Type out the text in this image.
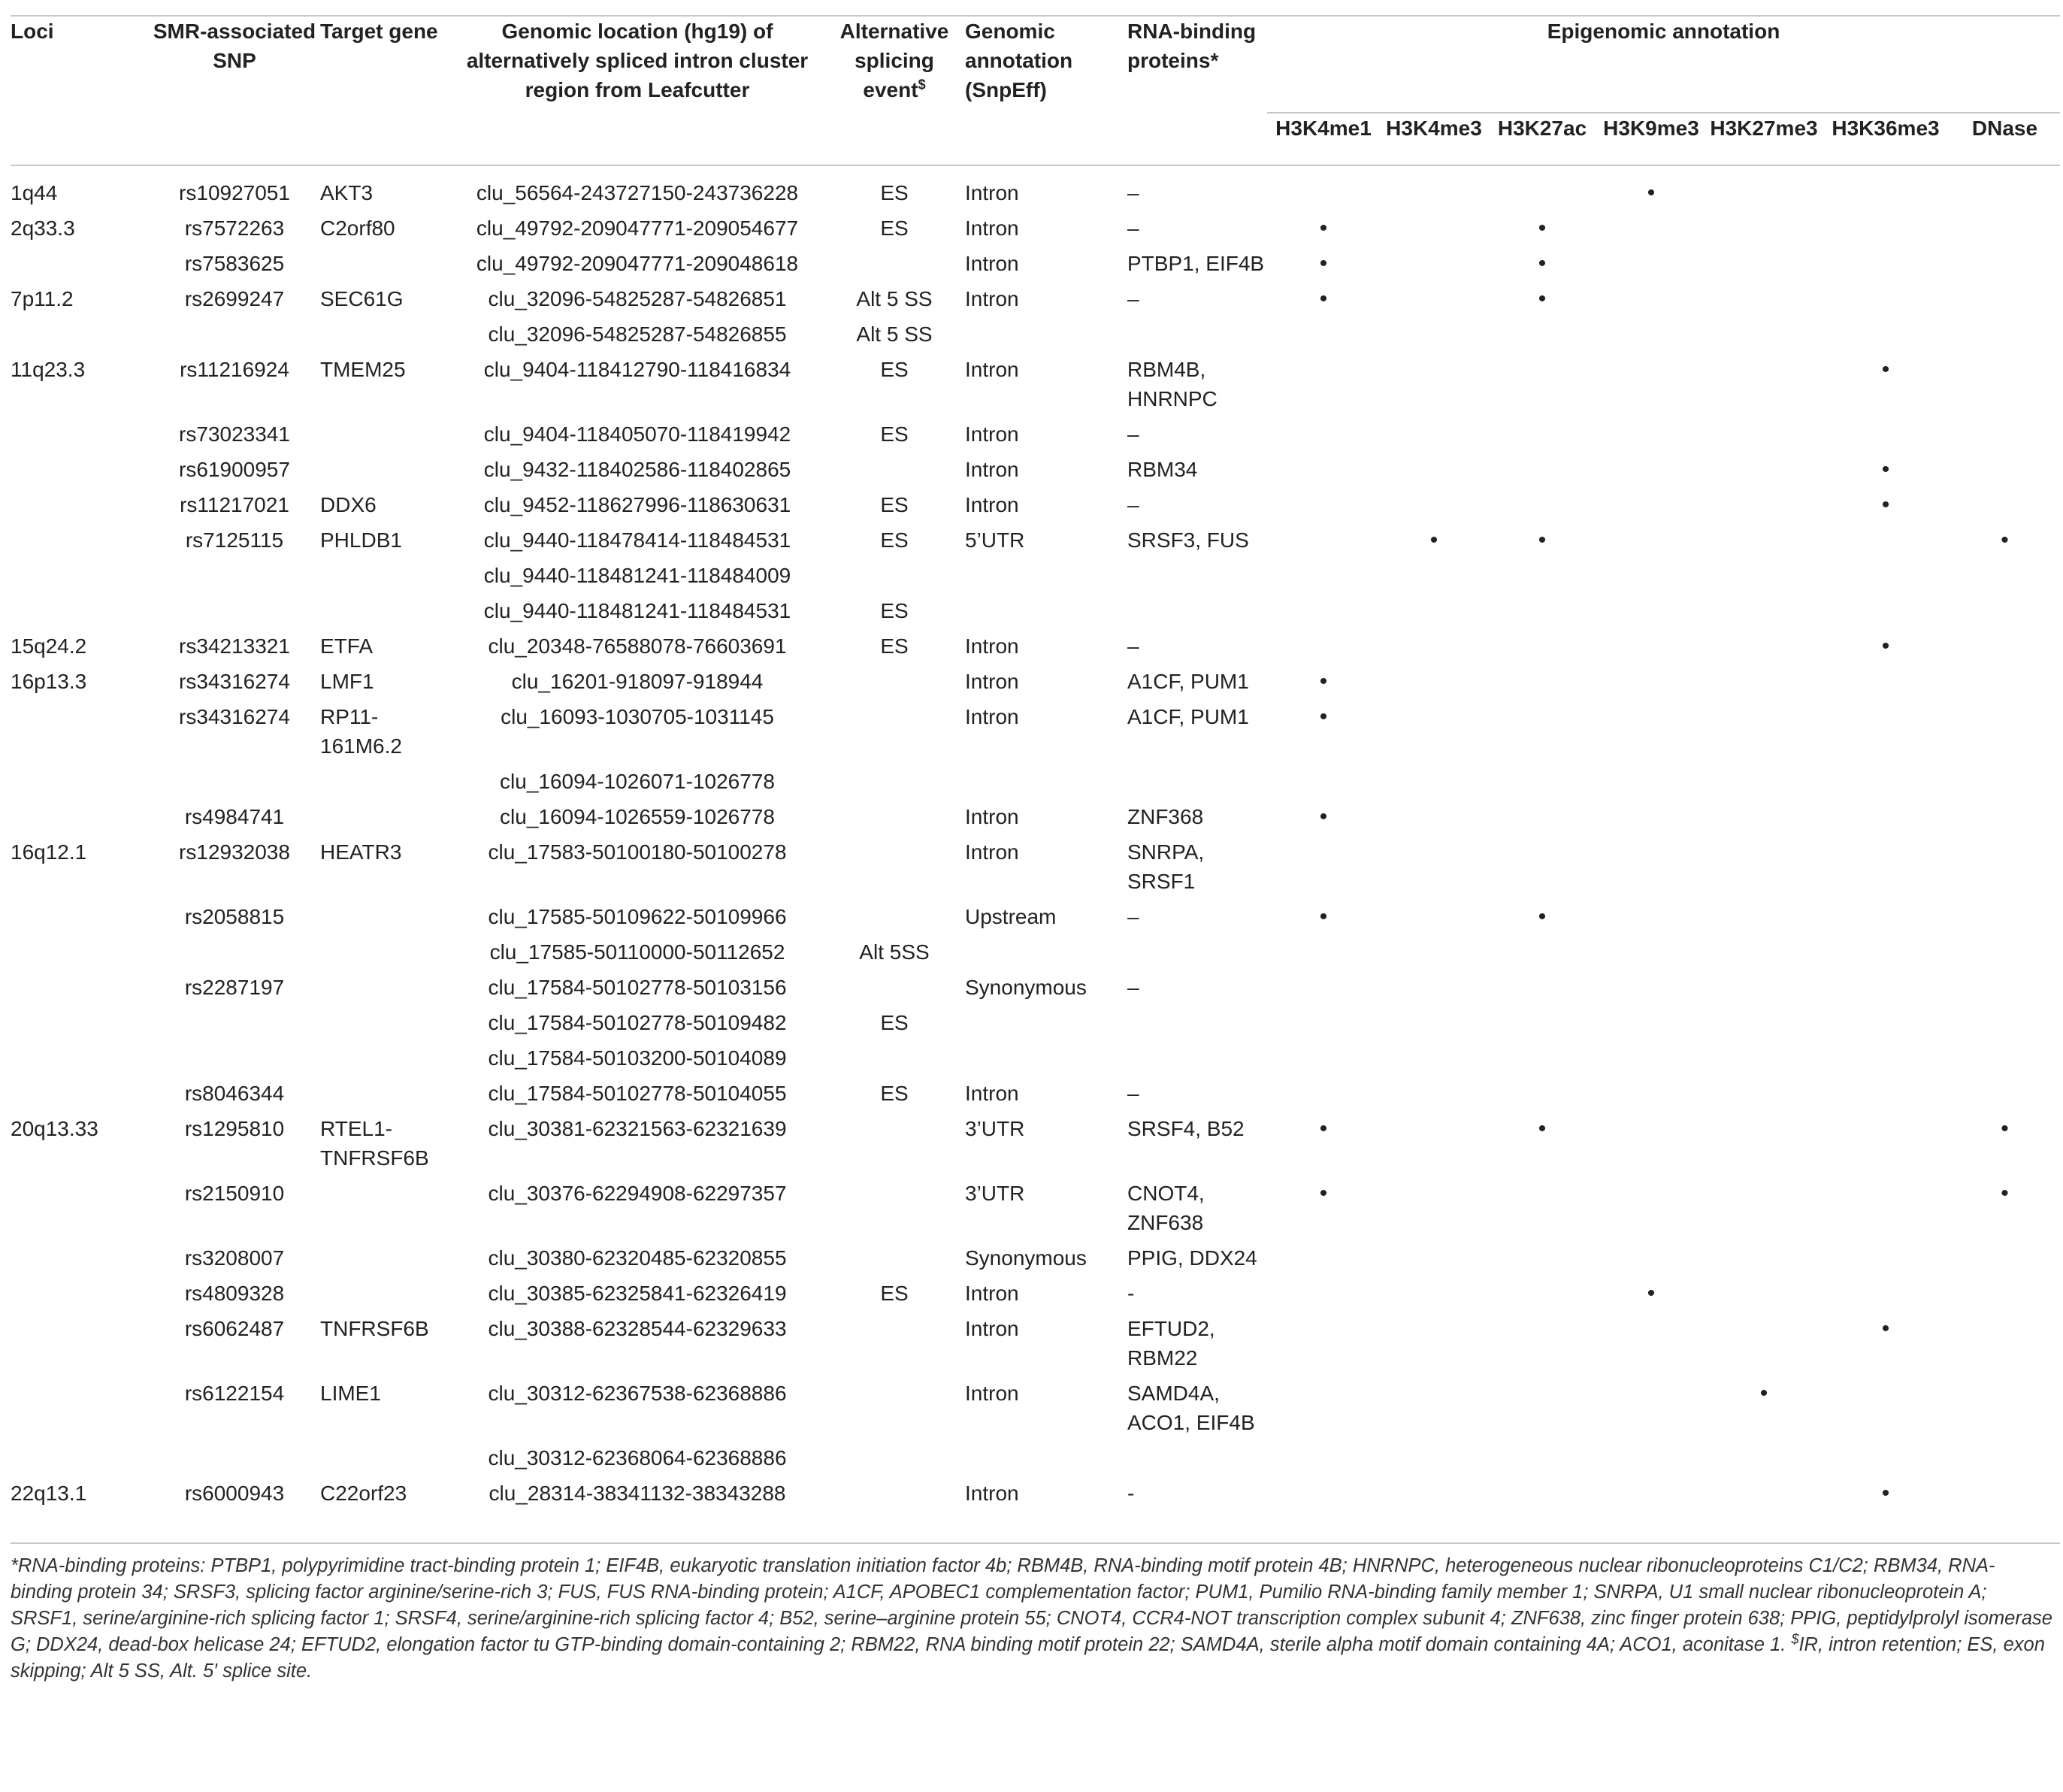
Loci	SMR-associated SNP	Target gene	Genomic location (hg19) of alternatively spliced intron cluster region from Leafcutter	Alternative splicing event$	Genomic annotation (SnpEff)	RNA-binding proteins*	Epigenomic annotation						
							H3K4me1	H3K4me3	H3K27ac	H3K9me3	H3K27me3	H3K36me3	DNase

1q44	rs10927051	AKT3	clu_56564-243727150-243736228	ES	Intron	–				•			
2q33.3	rs7572263	C2orf80	clu_49792-209047771-209054677	ES	Intron	–	•		•				
	rs7583625		clu_49792-209047771-209048618		Intron	PTBP1, EIF4B	•		•				
7p11.2	rs2699247	SEC61G	clu_32096-54825287-54826851	Alt 5 SS	Intron	–	•		•				
			clu_32096-54825287-54826855	Alt 5 SS									
11q23.3	rs11216924	TMEM25	clu_9404-118412790-118416834	ES	Intron	RBM4B, HNRNPC						•	
	rs73023341		clu_9404-118405070-118419942	ES	Intron	–							
	rs61900957		clu_9432-118402586-118402865		Intron	RBM34						•	
	rs11217021	DDX6	clu_9452-118627996-118630631	ES	Intron	–						•	
	rs7125115	PHLDB1	clu_9440-118478414-118484531	ES	5’UTR	SRSF3, FUS		•	•				•
			clu_9440-118481241-118484009										
			clu_9440-118481241-118484531	ES									
15q24.2	rs34213321	ETFA	clu_20348-76588078-76603691	ES	Intron	–						•	
16p13.3	rs34316274	LMF1	clu_16201-918097-918944		Intron	A1CF, PUM1	•						
	rs34316274	RP11-161M6.2	clu_16093-1030705-1031145		Intron	A1CF, PUM1	•						
			clu_16094-1026071-1026778										
	rs4984741		clu_16094-1026559-1026778		Intron	ZNF368	•						
16q12.1	rs12932038	HEATR3	clu_17583-50100180-50100278		Intron	SNRPA, SRSF1							
	rs2058815		clu_17585-50109622-50109966		Upstream	–	•		•				
			clu_17585-50110000-50112652	Alt 5SS									
	rs2287197		clu_17584-50102778-50103156		Synonymous	–							
			clu_17584-50102778-50109482	ES									
			clu_17584-50103200-50104089										
	rs8046344		clu_17584-50102778-50104055	ES	Intron	–							
20q13.33	rs1295810	RTEL1-TNFRSF6B	clu_30381-62321563-62321639		3’UTR	SRSF4, B52	•		•				•
	rs2150910		clu_30376-62294908-62297357		3’UTR	CNOT4, ZNF638	•						•
	rs3208007		clu_30380-62320485-62320855		Synonymous	PPIG, DDX24							
	rs4809328		clu_30385-62325841-62326419	ES	Intron	-				•			
	rs6062487	TNFRSF6B	clu_30388-62328544-62329633		Intron	EFTUD2, RBM22						•	
	rs6122154	LIME1	clu_30312-62367538-62368886		Intron	SAMD4A, ACO1, EIF4B					•		
			clu_30312-62368064-62368886										
22q13.1	rs6000943	C22orf23	clu_28314-38341132-38343288		Intron	-						•	
*RNA-binding proteins: PTBP1, polypyrimidine tract-binding protein 1; EIF4B, eukaryotic translation initiation factor 4b; RBM4B, RNA-binding motif protein 4B; HNRNPC, heterogeneous nuclear ribonucleoproteins C1/C2; RBM34, RNA-binding protein 34; SRSF3, splicing factor arginine/serine-rich 3; FUS, FUS RNA-binding protein; A1CF, APOBEC1 complementation factor; PUM1, Pumilio RNA-binding family member 1; SNRPA, U1 small nuclear ribonucleoprotein A; SRSF1, serine/arginine-rich splicing factor 1; SRSF4, serine/arginine-rich splicing factor 4; B52, serine–arginine protein 55; CNOT4, CCR4-NOT transcription complex subunit 4; ZNF638, zinc finger protein 638; PPIG, peptidylprolyl isomerase G; DDX24, dead-box helicase 24; EFTUD2, elongation factor tu GTP-binding domain-containing 2; RBM22, RNA binding motif protein 22; SAMD4A, sterile alpha motif domain containing 4A; ACO1, aconitase 1. $IR, intron retention; ES, exon skipping; Alt 5 SS, Alt. 5′ splice site.
